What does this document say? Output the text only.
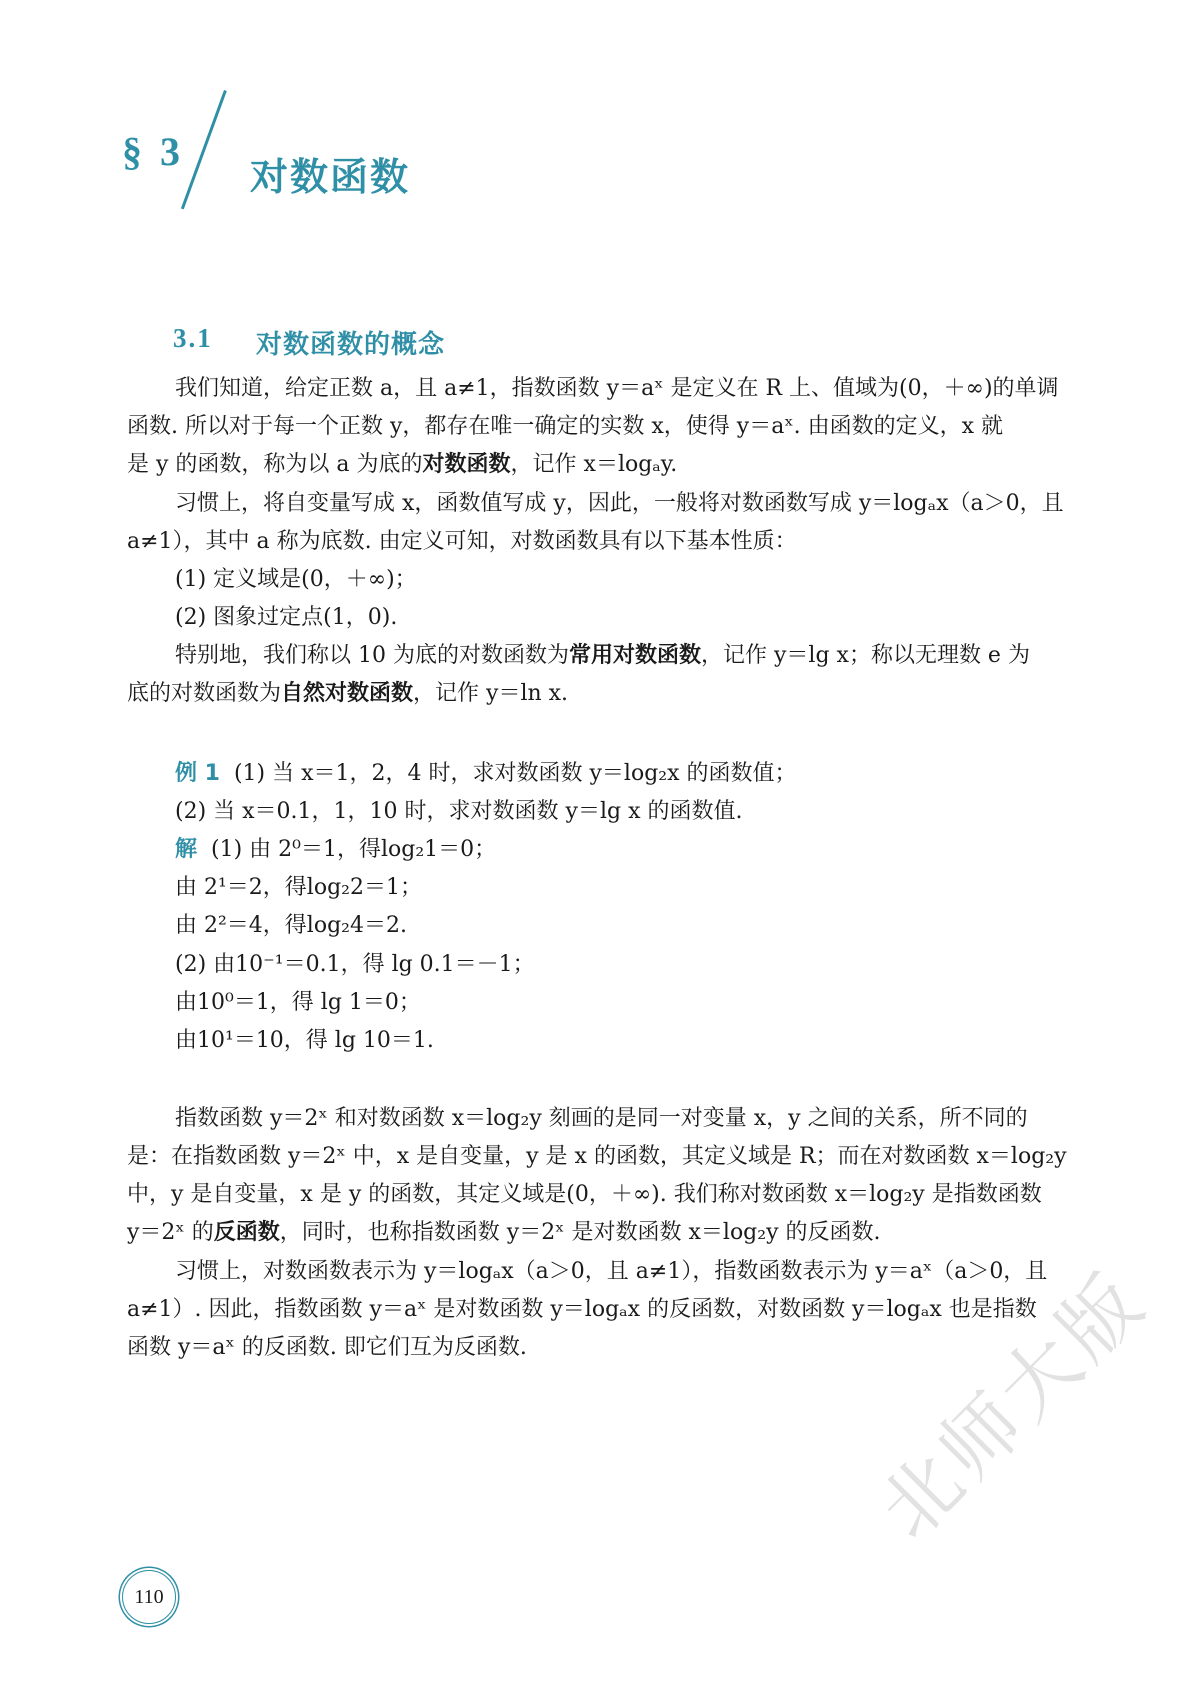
§ 3
对数函数
3.1 对数函数的概念
我们知道，给定正数 a，且 a≠1，指数函数 y＝aˣ 是定义在 R 上、值域为(0，＋∞)的单调
函数. 所以对于每一个正数 y，都存在唯一确定的实数 x，使得 y＝aˣ. 由函数的定义，x 就
是 y 的函数，称为以 a 为底的对数函数，记作 x＝logₐy.
习惯上，将自变量写成 x，函数值写成 y，因此，一般将对数函数写成 y＝logₐx（a＞0，且
a≠1），其中 a 称为底数. 由定义可知，对数函数具有以下基本性质：
(1) 定义域是(0，＋∞)；
(2) 图象过定点(1，0).
特别地，我们称以 10 为底的对数函数为常用对数函数，记作 y＝lg x；称以无理数 e 为
底的对数函数为自然对数函数，记作 y＝ln x.
例 1 (1) 当 x＝1，2，4 时，求对数函数 y＝log₂x 的函数值；
(2) 当 x＝0.1，1，10 时，求对数函数 y＝lg x 的函数值.
解 (1) 由 2⁰＝1，得log₂1＝0；
由 2¹＝2，得log₂2＝1；
由 2²＝4，得log₂4＝2.
(2) 由10⁻¹＝0.1，得 lg 0.1＝－1；
由10⁰＝1，得 lg 1＝0；
由10¹＝10，得 lg 10＝1.
指数函数 y＝2ˣ 和对数函数 x＝log₂y 刻画的是同一对变量 x，y 之间的关系，所不同的
是：在指数函数 y＝2ˣ 中，x 是自变量，y 是 x 的函数，其定义域是 R；而在对数函数 x＝log₂y
中，y 是自变量，x 是 y 的函数，其定义域是(0，＋∞). 我们称对数函数 x＝log₂y 是指数函数
y＝2ˣ 的反函数，同时，也称指数函数 y＝2ˣ 是对数函数 x＝log₂y 的反函数.
习惯上，对数函数表示为 y＝logₐx（a＞0，且 a≠1），指数函数表示为 y＝aˣ（a＞0，且
a≠1）. 因此，指数函数 y＝aˣ 是对数函数 y＝logₐx 的反函数，对数函数 y＝logₐx 也是指数
函数 y＝aˣ 的反函数. 即它们互为反函数.
110
北师大版
